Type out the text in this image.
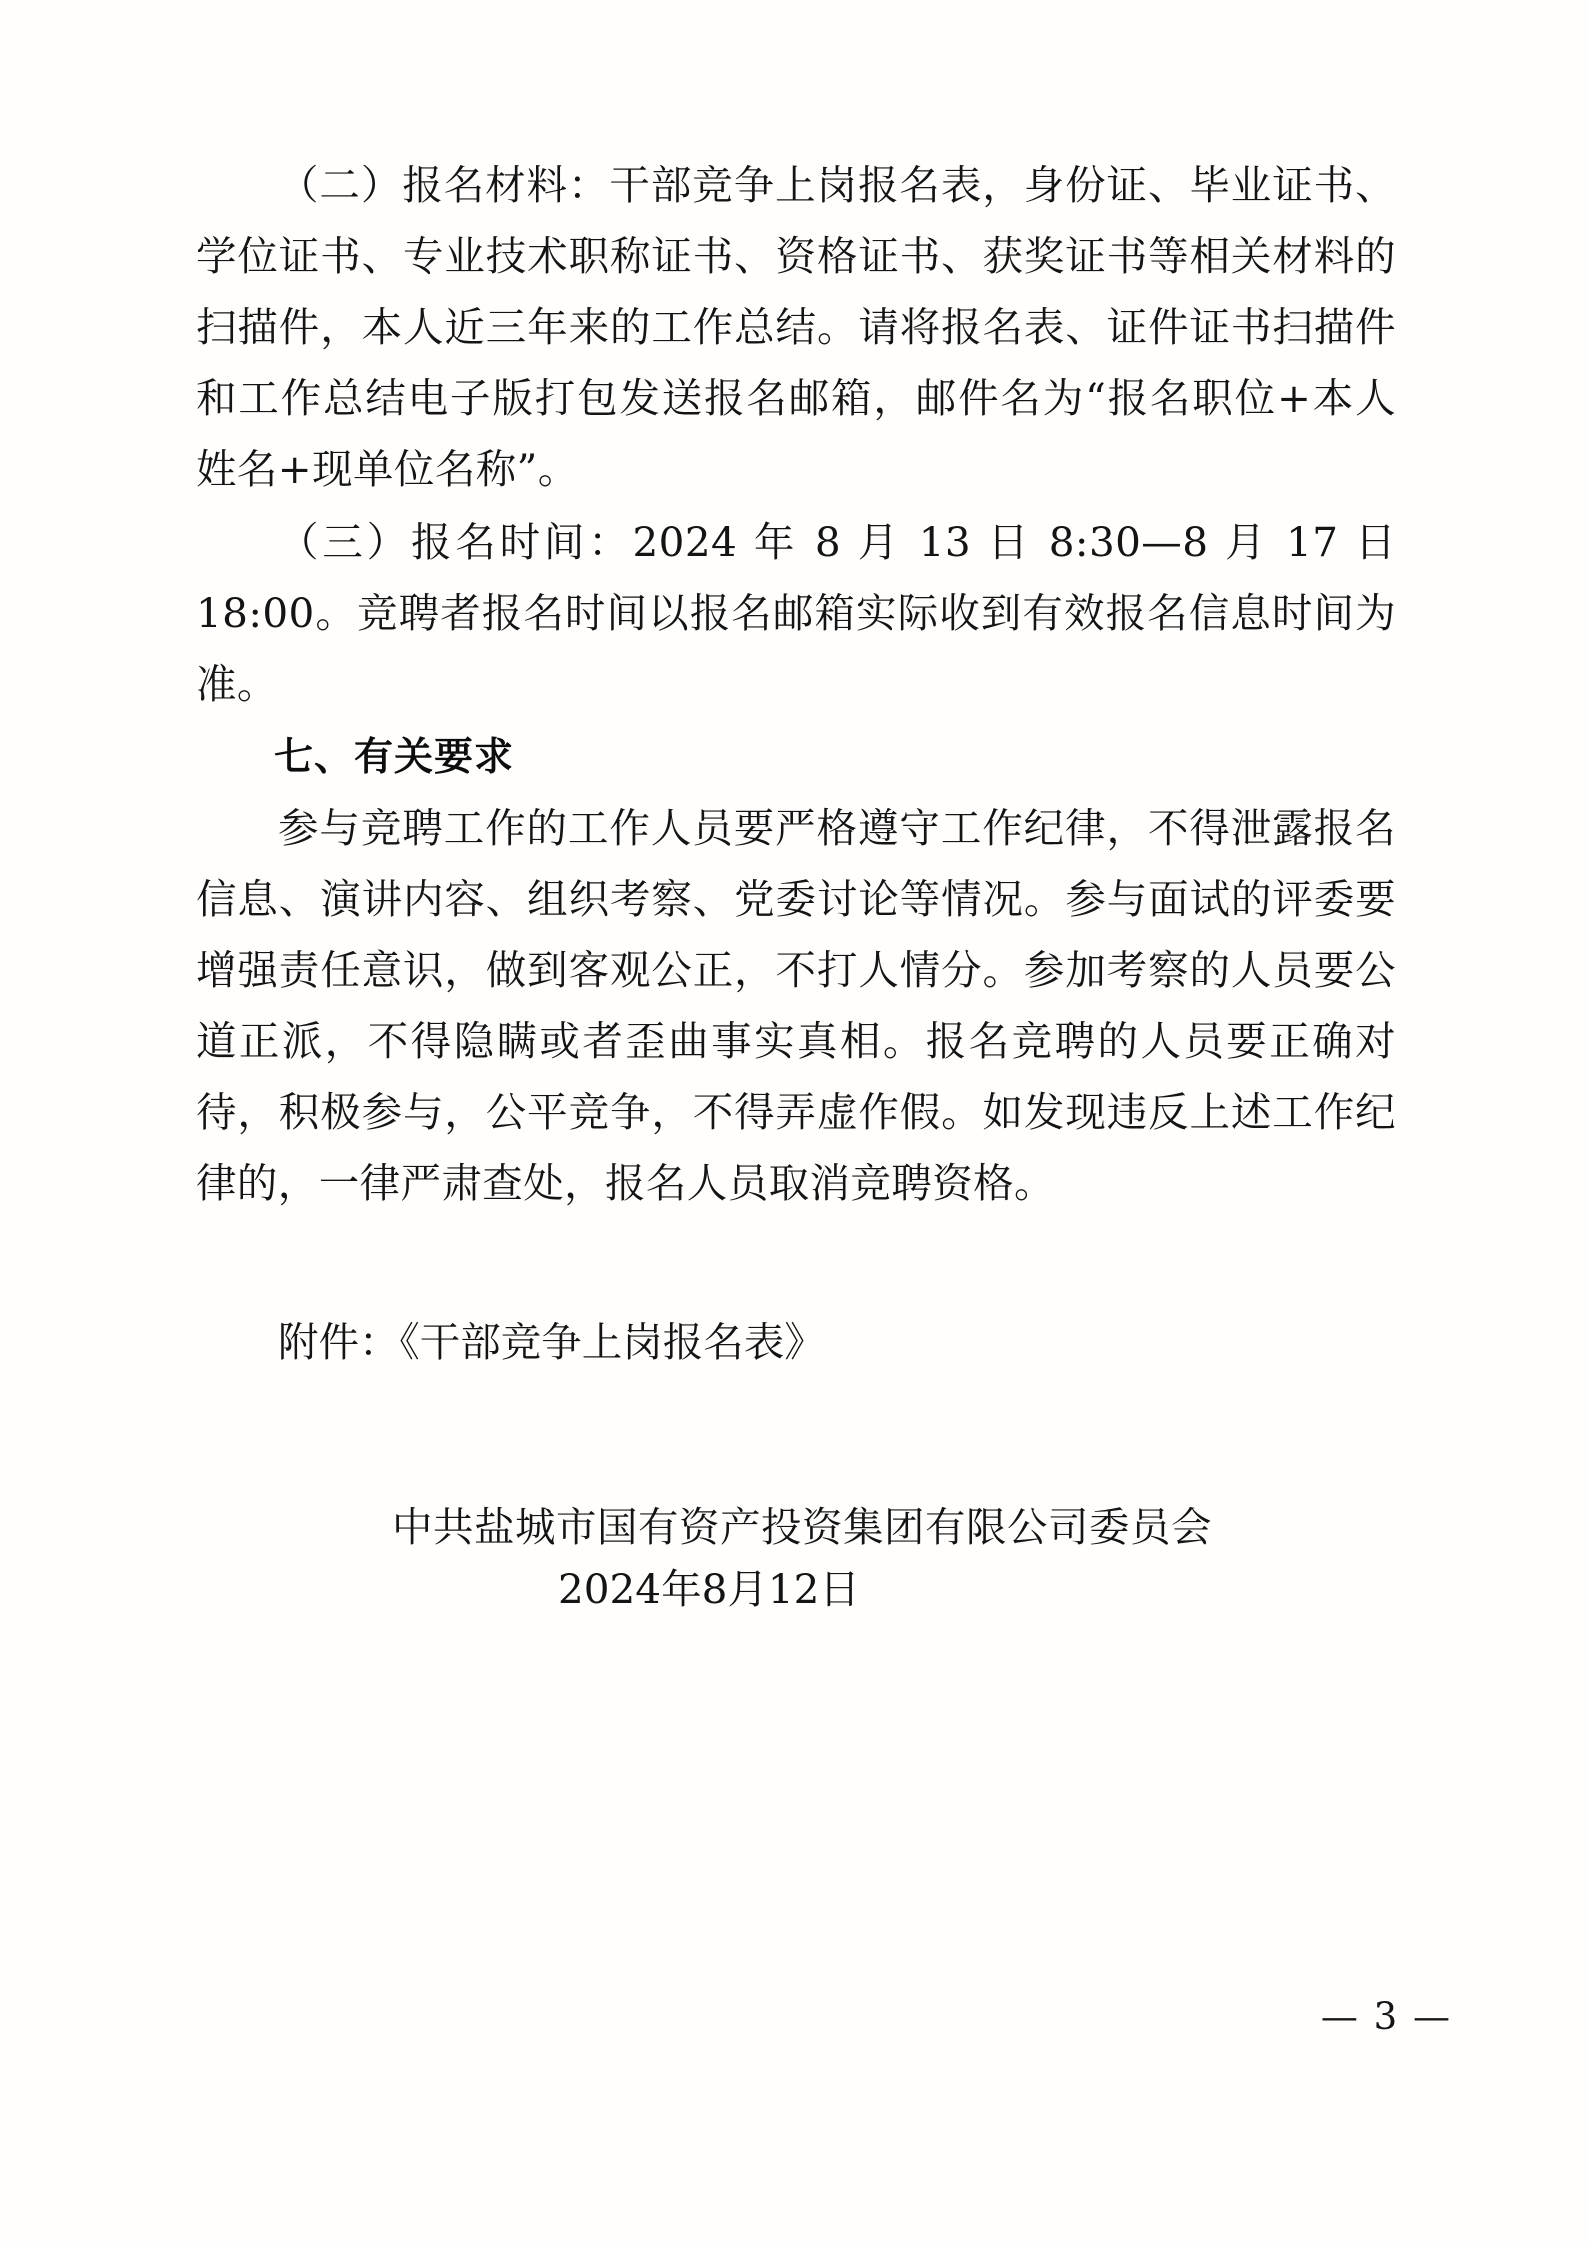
（二）报名材料：干部竞争上岗报名表，身份证、毕业证书、学位证书、专业技术职称证书、资格证书、获奖证书等相关材料的扫描件，本人近三年来的工作总结。请将报名表、证件证书扫描件和工作总结电子版打包发送报名邮箱，邮件名为“报名职位+本人姓名+现单位名称”。

（三）报名时间：2024 年 8 月 13 日 8:30—8 月 17 日 18:00。竞聘者报名时间以报名邮箱实际收到有效报名信息时间为准。

七、有关要求

参与竞聘工作的工作人员要严格遵守工作纪律，不得泄露报名信息、演讲内容、组织考察、党委讨论等情况。参与面试的评委要增强责任意识，做到客观公正，不打人情分。参加考察的人员要公道正派，不得隐瞒或者歪曲事实真相。报名竞聘的人员要正确对待，积极参与，公平竞争，不得弄虚作假。如发现违反上述工作纪律的，一律严肃查处，报名人员取消竞聘资格。

附件：《干部竞争上岗报名表》

中共盐城市国有资产投资集团有限公司委员会

2024年8月12日

— 3 —
